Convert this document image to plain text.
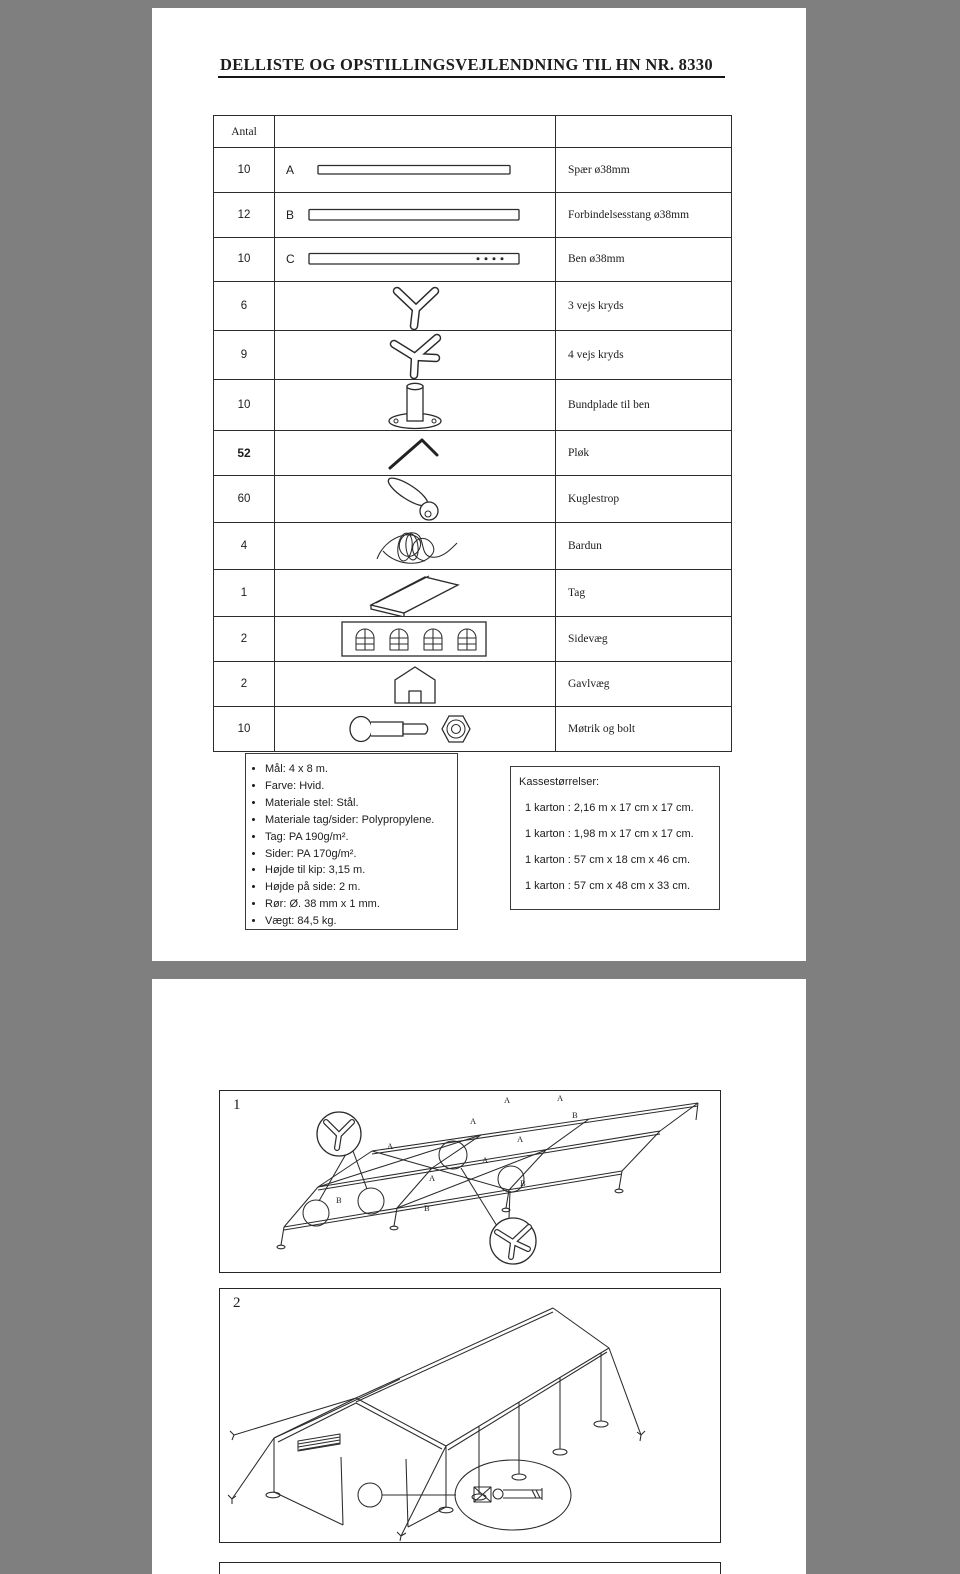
DELLISTE OG OPSTILLINGSVEJLENDNING TIL HN NR. 8330
Antal		
10	A	Spær ø38mm
12	B	Forbindelsesstang ø38mm
10	C	Ben ø38mm
6		3 vejs kryds
9		4 vejs kryds
10		Bundplade til ben
52		Pløk
60		Kuglestrop
4		Bardun
1		Tag
2		Sidevæg
2		Gavlvæg
10		Møtrik og bolt
• Mål: 4 x 8 m.
• Farve: Hvid.
• Materiale stel: Stål.
• Materiale tag/sider: Polypropylene.
• Tag: PA 190g/m².
• Sider: PA 170g/m².
• Højde til kip: 3,15 m.
• Højde på side: 2 m.
• Rør: Ø. 38 mm x 1 mm.
• Vægt: 84,5 kg.
Kassestørrelser:
1 karton : 2,16 m x 17 cm x 17 cm.
1 karton : 1,98 m x 17 cm x 17 cm.
1 karton : 57 cm x 18 cm x 46 cm.
1 karton : 57 cm x 48 cm x 33 cm.
A	A
A
A
A
A
A
B
B
B
B
1
2
